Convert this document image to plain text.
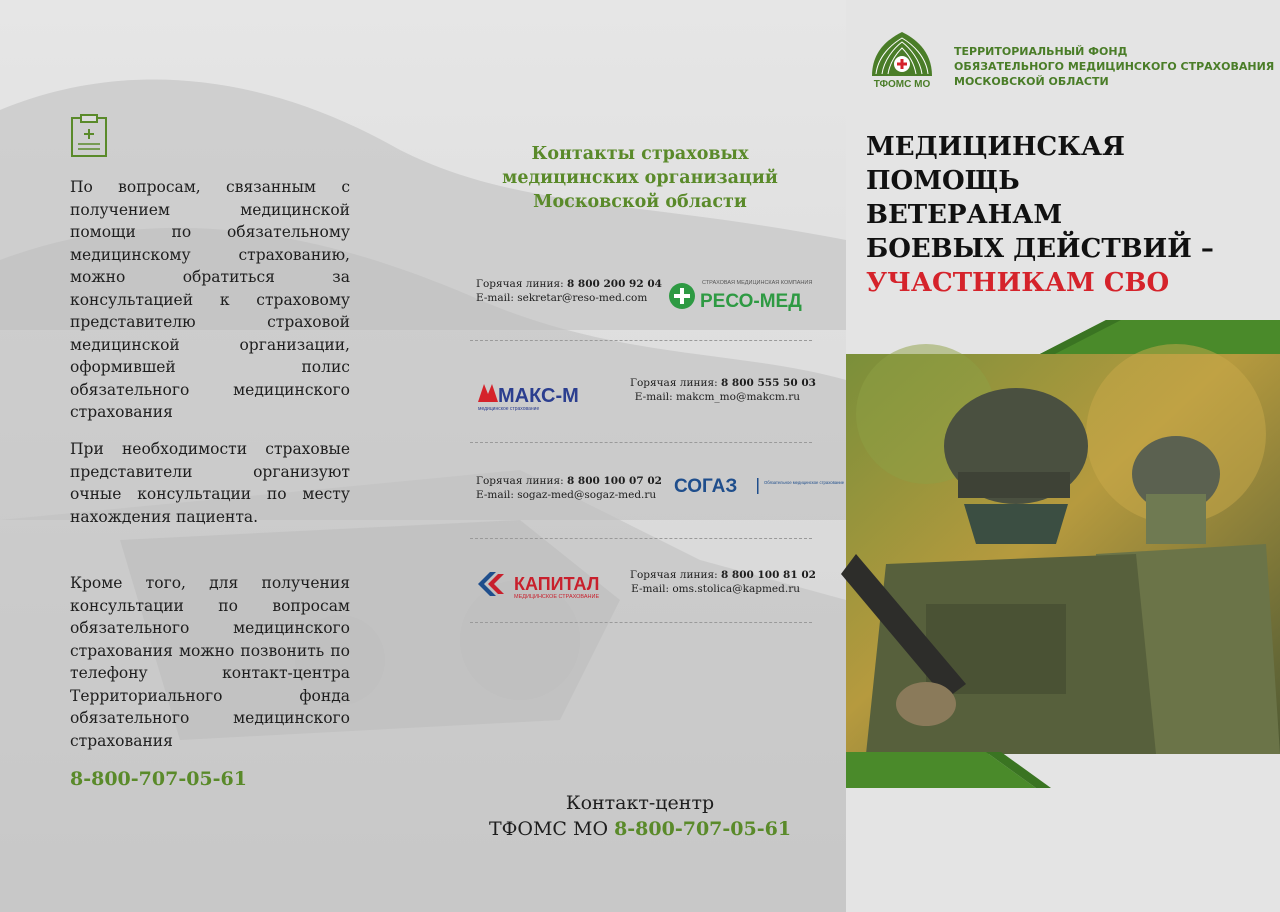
По вопросам, связанным с получением медицинской помощи по обязательному медицинскому страхованию, можно обратиться за консультацией к страховому представителю страховой медицинской организации, оформившей полис обязательного медицинского страхования
При необходимости страховые представители организуют очные консультации по месту нахождения пациента.
Кроме того, для получения консультации по вопросам обязательного медицинского страхования можно позвонить по телефону контакт-центра Территориального фонда обязательного медицинского страхования
8-800-707-05-61
Контакты страховых
медицинских организаций
Московской области
Горячая линия: 8 800 200 92 04
E-mail: sekretar@reso-med.com
СТРАХОВАЯ МЕДИЦИНСКАЯ КОМПАНИЯ
РЕСО-МЕД
МАКС-М
медицинское страхование
Горячая линия: 8 800 555 50 03
E-mail: makcm_mo@makcm.ru
Горячая линия: 8 800 100 07 02
E-mail: sogaz-med@sogaz-med.ru СОГАЗ	Обязательное медицинское страхование
КАПИТАЛ
МЕДИЦИНСКОЕ СТРАХОВАНИЕ
Горячая линия: 8 800 100 81 02
E-mail: oms.stolica@kapmed.ru
Контакт-центр
ТФОМС МО 8-800-707-05-61
ТФОМС МО
ТЕРРИТОРИАЛЬНЫЙ ФОНД
ОБЯЗАТЕЛЬНОГО МЕДИЦИНСКОГО СТРАХОВАНИЯ
МОСКОВСКОЙ ОБЛАСТИ
МЕДИЦИНСКАЯ ПОМОЩЬ
ВЕТЕРАНАМ
БОЕВЫХ ДЕЙСТВИЙ –
УЧАСТНИКАМ СВО
